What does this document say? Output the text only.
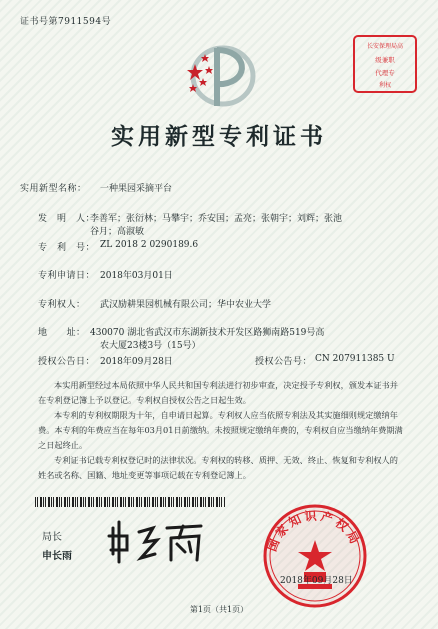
证书号第7911594号
长安保理局高
级兼职
代理专
利权
实用新型专利证书
实用新型名称： 一种果园采摘平台
发　明　人：
李善军；张衍林；马攀宇；乔安国；孟亮；张朝宇；刘辉；张池
谷月；高淑敏
专　利　号： ZL 2018 2 0290189.6
专利申请日： 2018年03月01日
专利权人： 武汉励耕果园机械有限公司；华中农业大学
地　　址： 430070 湖北省武汉市东湖新技术开发区路狮南路519号高
农大厦23楼3号（15号）
授权公告日： 2018年09月28日	授权公告号： CN 207911385 U
本实用新型经过本局依照中华人民共和国专利法进行初步审查，决定授予专利权，颁发本证书并在专利登记簿上予以登记。专利权自授权公告之日起生效。
本专利的专利权期限为十年，自申请日起算。专利权人应当依照专利法及其实施细则规定缴纳年费。本专利的年费应当在每年03月01日前缴纳。未按照规定缴纳年费的，专利权自应当缴纳年费期满之日起终止。
专利证书记载专利权登记时的法律状况。专利权的转移、质押、无效、终止、恢复和专利权人的姓名或名称、国籍、地址变更等事项记载在专利登记簿上。
局长
申长雨
国家知识产权局
2018年09月28日
第1页（共1页）
